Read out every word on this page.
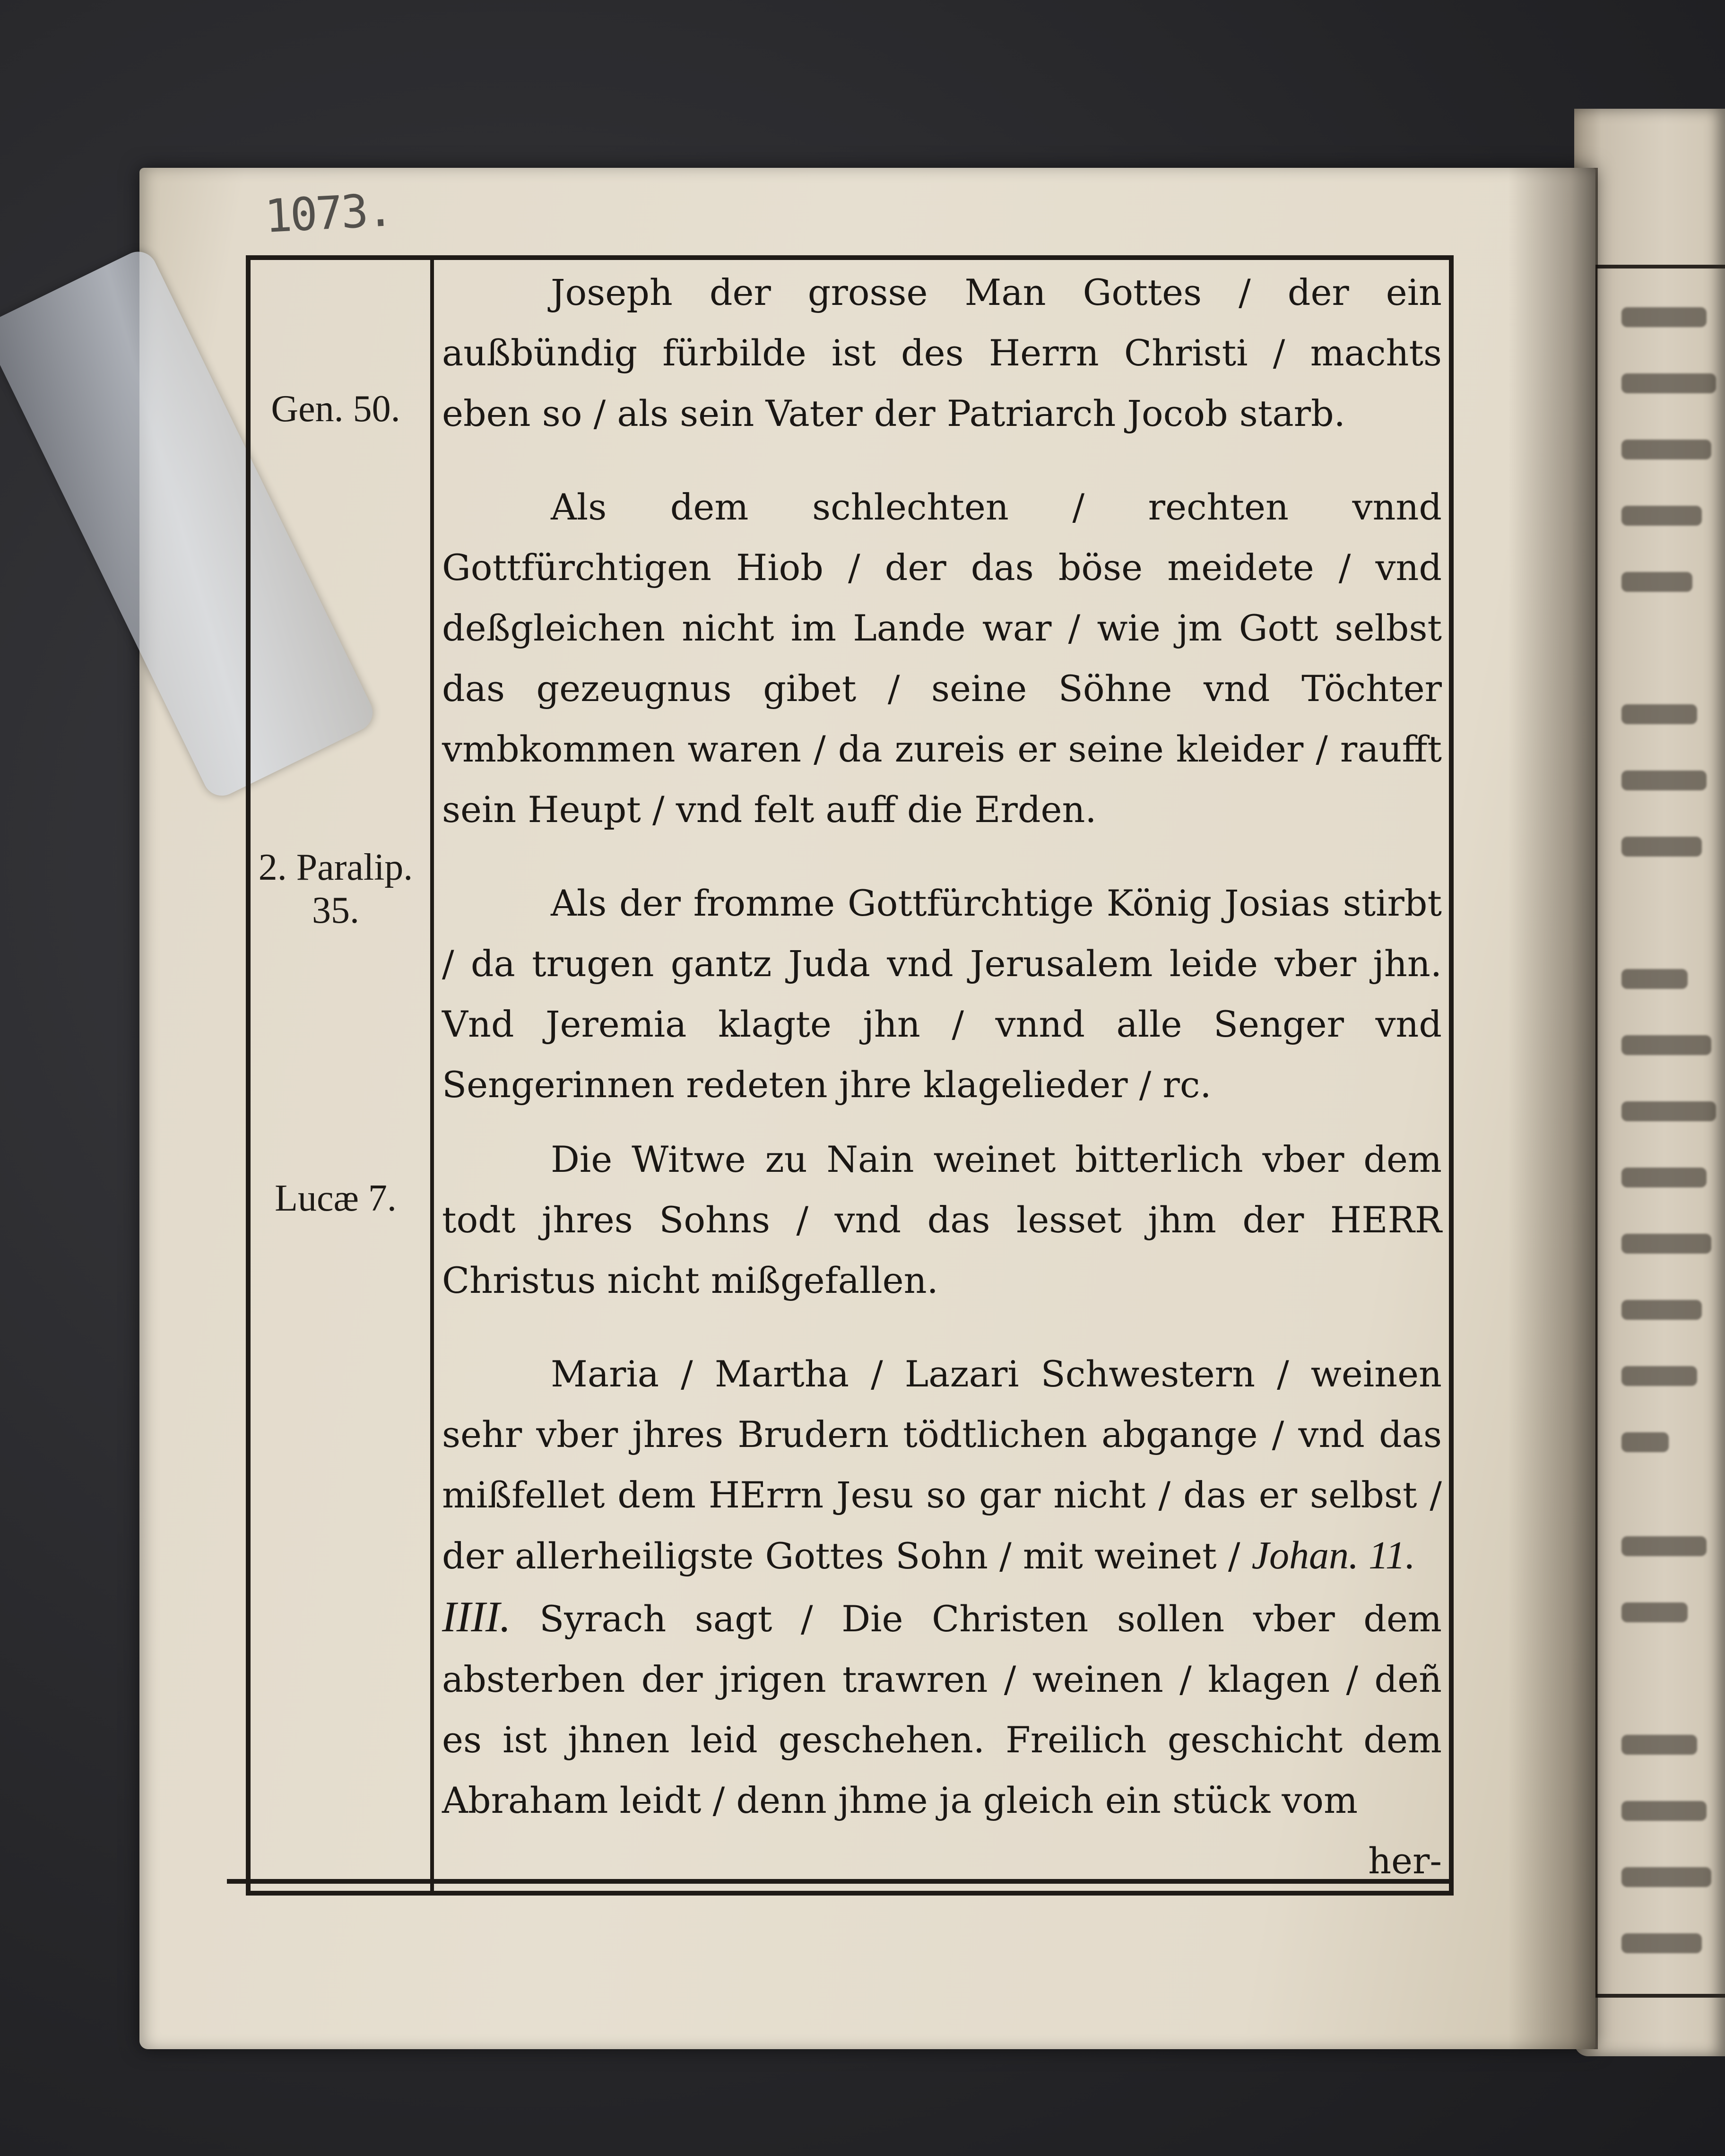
1073.
Gen. 50.
2. Paralip.
35.
Lucæ 7.

Joseph der grosse Man Gottes / der ein außbündig fürbilde ist des Herrn Christi / machts eben so / als sein Vater der Patriarch Jocob starb.

Als dem schlechten / rechten vnnd Gottfürchtigen Hiob / der das böse meidete / vnd deßgleichen nicht im Lande war / wie jm Gott selbst das gezeugnus gibet / seine Söhne vnd Töchter vmbkommen waren / da zureis er seine kleider / raufft sein Heupt / vnd felt auff die Erden.

Als der fromme Gottfürchtige König Josias stirbt / da trugen gantz Juda vnd Jerusalem leide vber jhn. Vnd Jeremia klagte jhn / vnnd alle Senger vnd Sengerinnen redeten jhre klagelieder / rc.

Die Witwe zu Nain weinet bitterlich vber dem todt jhres Sohns / vnd das lesset jhm der HERR Christus nicht mißgefallen.

Maria / Martha / Lazari Schwestern / weinen sehr vber jhres Brudern tödtlichen abgange / vnd das mißfellet dem HErrn Jesu so gar nicht / das er selbst / der allerheiligste Gottes Sohn / mit weinet / Johan. 11.

IIII. Syrach sagt / Die Christen sollen vber dem absterben der jrigen trawren / weinen / klagen / deñ es ist jhnen leid geschehen. Freilich geschicht dem Abraham leidt / denn jhme ja gleich ein stück vom

her-
